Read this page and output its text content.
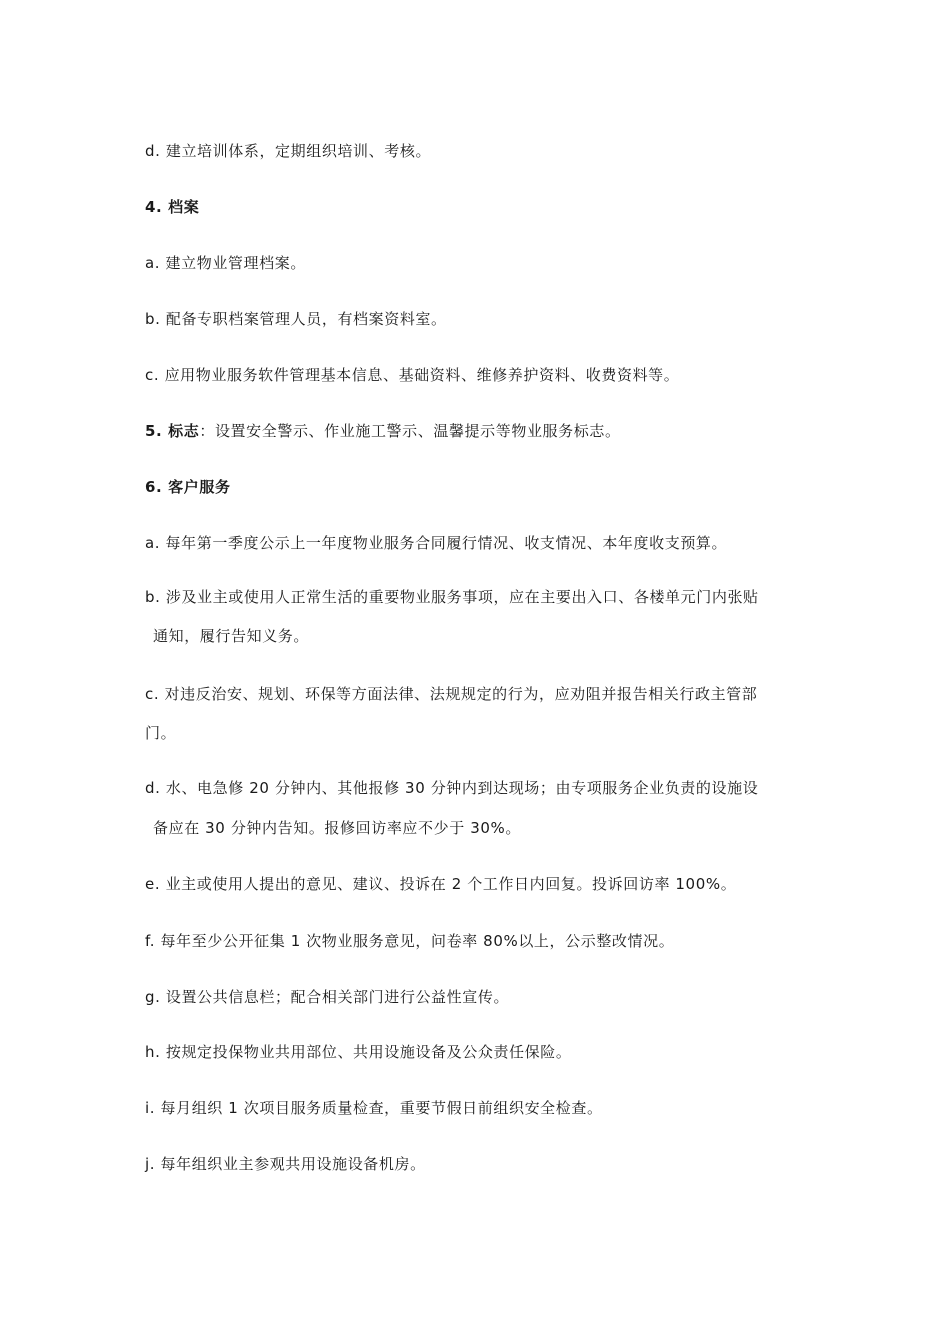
d. 建立培训体系，定期组织培训、考核。
4. 档案
a. 建立物业管理档案。
b. 配备专职档案管理人员，有档案资料室。
c. 应用物业服务软件管理基本信息、基础资料、维修养护资料、收费资料等。
5. 标志：设置安全警示、作业施工警示、温馨提示等物业服务标志。
6. 客户服务
a. 每年第一季度公示上一年度物业服务合同履行情况、收支情况、本年度收支预算。
b. 涉及业主或使用人正常生活的重要物业服务事项，应在主要出入口、各楼单元门内张贴
通知，履行告知义务。
c. 对违反治安、规划、环保等方面法律、法规规定的行为，应劝阻并报告相关行政主管部
门。
d. 水、电急修 20 分钟内、其他报修 30 分钟内到达现场；由专项服务企业负责的设施设
备应在 30 分钟内告知。报修回访率应不少于 30%。
e. 业主或使用人提出的意见、建议、投诉在 2 个工作日内回复。投诉回访率 100%。
f. 每年至少公开征集 1 次物业服务意见，问卷率 80%以上，公示整改情况。
g. 设置公共信息栏；配合相关部门进行公益性宣传。
h. 按规定投保物业共用部位、共用设施设备及公众责任保险。
i. 每月组织 1 次项目服务质量检查，重要节假日前组织安全检查。
j. 每年组织业主参观共用设施设备机房。
